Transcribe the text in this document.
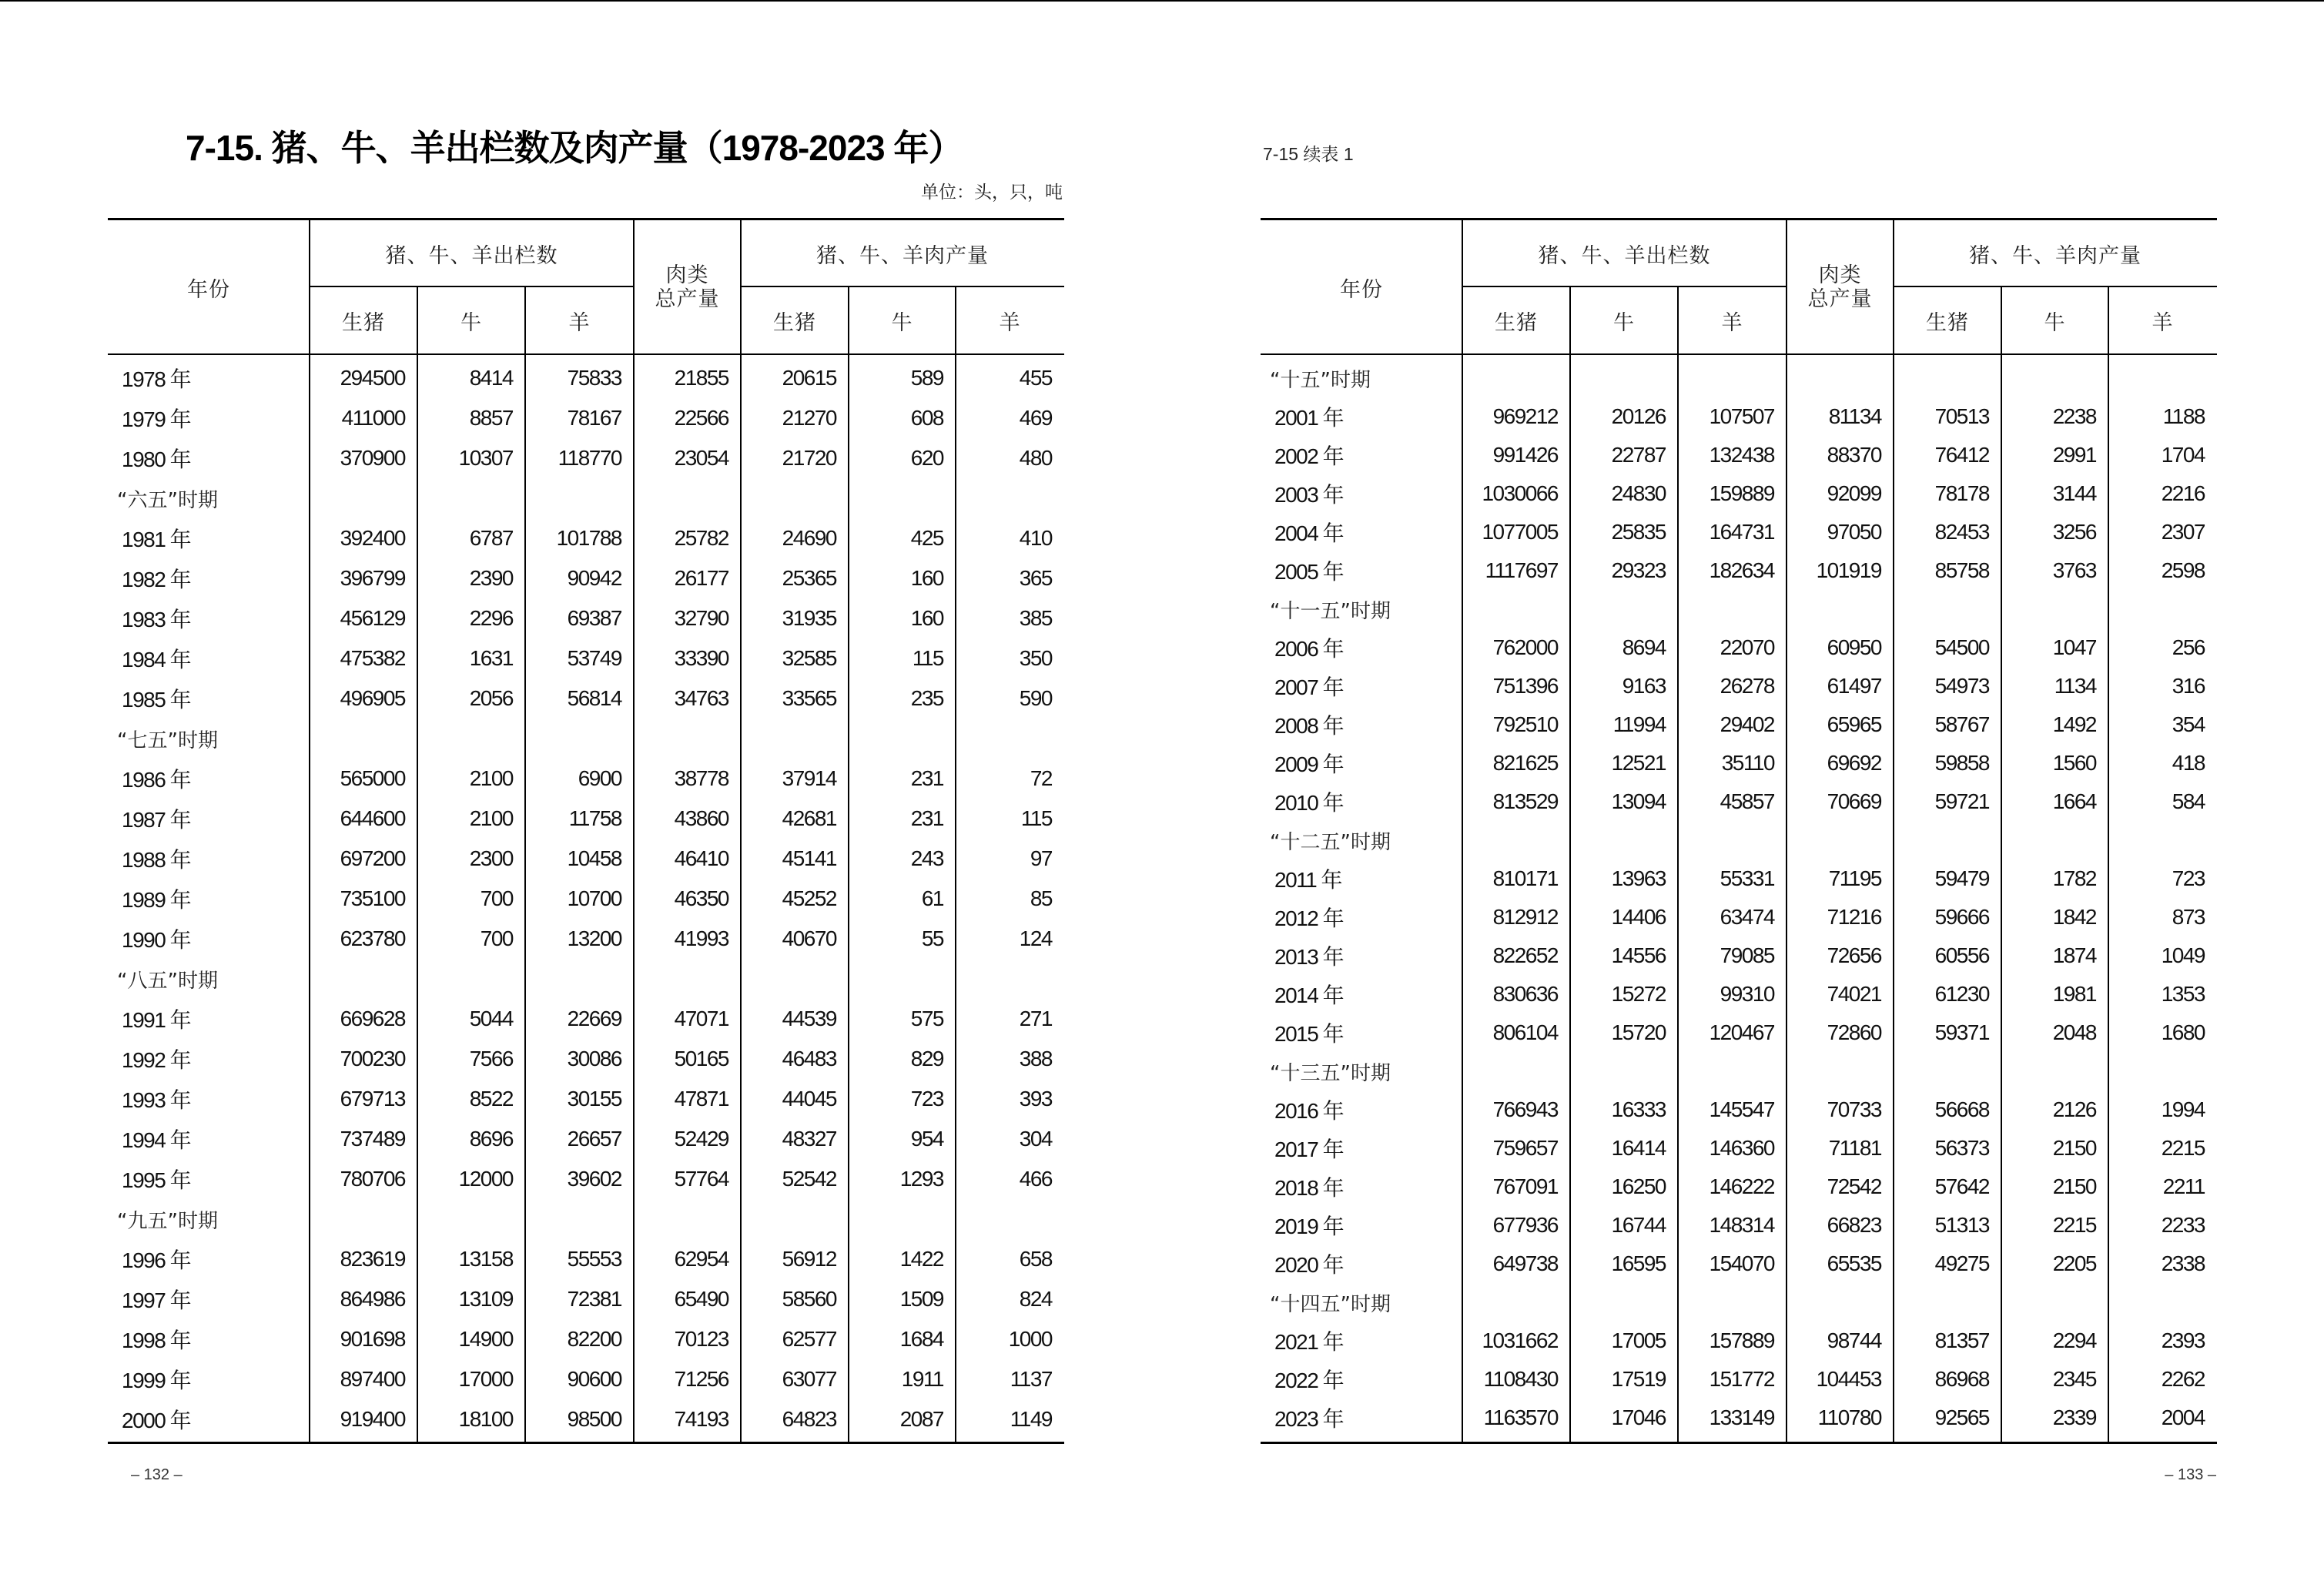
7-15. 猪、牛、羊出栏数及肉产量（1978-2023 年）
单位：头，只，吨
年份
猪、牛、羊出栏数
肉类
总产量
猪、牛、羊肉产量
生猪	牛	羊	生猪	牛	羊
1978 年	294500	8414	75833	21855	20615	589	455
1979 年	411000	8857	78167	22566	21270	608	469
1980 年	370900	10307	118770	23054	21720	620	480
“六五”时期
1981 年	392400	6787	101788	25782	24690	425	410
1982 年	396799	2390	90942	26177	25365	160	365
1983 年	456129	2296	69387	32790	31935	160	385
1984 年	475382	1631	53749	33390	32585	115	350
1985 年	496905	2056	56814	34763	33565	235	590
“七五”时期
1986 年	565000	2100	6900	38778	37914	231	72
1987 年	644600	2100	11758	43860	42681	231	115
1988 年	697200	2300	10458	46410	45141	243	97
1989 年	735100	700	10700	46350	45252	61	85
1990 年	623780	700	13200	41993	40670	55	124
“八五”时期
1991 年	669628	5044	22669	47071	44539	575	271
1992 年	700230	7566	30086	50165	46483	829	388
1993 年	679713	8522	30155	47871	44045	723	393
1994 年	737489	8696	26657	52429	48327	954	304
1995 年	780706	12000	39602	57764	52542	1293	466
“九五”时期
1996 年	823619	13158	55553	62954	56912	1422	658
1997 年	864986	13109	72381	65490	58560	1509	824
1998 年	901698	14900	82200	70123	62577	1684	1000
1999 年	897400	17000	90600	71256	63077	1911	1137
2000 年	919400	18100	98500	74193	64823	2087	1149
– 132 –
7-15 续表 1
年份
猪、牛、羊出栏数
肉类
总产量
猪、牛、羊肉产量
生猪	牛	羊	生猪	牛	羊
“十五”时期
2001 年	969212	20126	107507	81134	70513	2238	1188
2002 年	991426	22787	132438	88370	76412	2991	1704
2003 年	1030066	24830	159889	92099	78178	3144	2216
2004 年	1077005	25835	164731	97050	82453	3256	2307
2005 年	1117697	29323	182634	101919	85758	3763	2598
“十一五”时期
2006 年	762000	8694	22070	60950	54500	1047	256
2007 年	751396	9163	26278	61497	54973	1134	316
2008 年	792510	11994	29402	65965	58767	1492	354
2009 年	821625	12521	35110	69692	59858	1560	418
2010 年	813529	13094	45857	70669	59721	1664	584
“十二五”时期
2011 年	810171	13963	55331	71195	59479	1782	723
2012 年	812912	14406	63474	71216	59666	1842	873
2013 年	822652	14556	79085	72656	60556	1874	1049
2014 年	830636	15272	99310	74021	61230	1981	1353
2015 年	806104	15720	120467	72860	59371	2048	1680
“十三五”时期
2016 年	766943	16333	145547	70733	56668	2126	1994
2017 年	759657	16414	146360	71181	56373	2150	2215
2018 年	767091	16250	146222	72542	57642	2150	2211
2019 年	677936	16744	148314	66823	51313	2215	2233
2020 年	649738	16595	154070	65535	49275	2205	2338
“十四五”时期
2021 年	1031662	17005	157889	98744	81357	2294	2393
2022 年	1108430	17519	151772	104453	86968	2345	2262
2023 年	1163570	17046	133149	110780	92565	2339	2004
– 133 –
